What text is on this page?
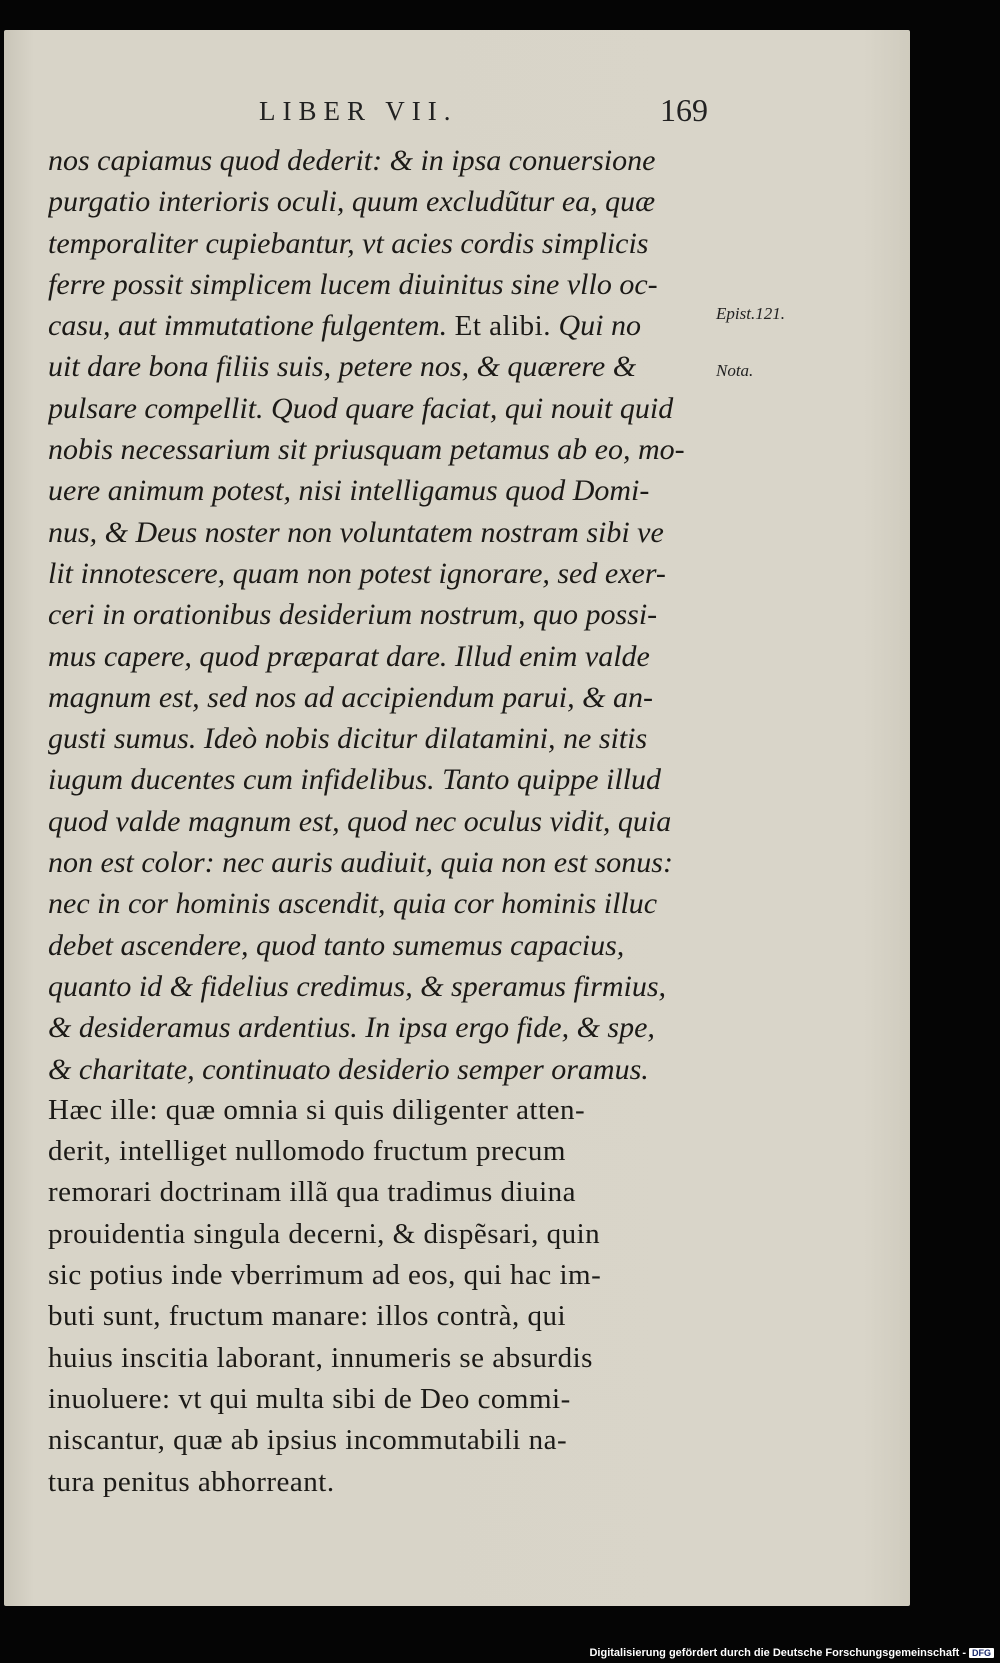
LIBER VII.	169
nos capiamus quod dederit: & in ipsa conuersione
purgatio interioris oculi, quum excludũtur ea, quæ
temporaliter cupiebantur, vt acies cordis simplicis
ferre possit simplicem lucem diuinitus sine vllo oc-
casu, aut immutatione fulgentem. Et alibi. Qui no
uit dare bona filiis suis, petere nos, & quærere &
pulsare compellit. Quod quare faciat, qui nouit quid
nobis necessarium sit priusquam petamus ab eo, mo-
uere animum potest, nisi intelligamus quod Domi-
nus, & Deus noster non voluntatem nostram sibi ve
lit innotescere, quam non potest ignorare, sed exer-
ceri in orationibus desiderium nostrum, quo possi-
mus capere, quod præparat dare. Illud enim valde
magnum est, sed nos ad accipiendum parui, & an-
gusti sumus. Ideò nobis dicitur dilatamini, ne sitis
iugum ducentes cum infidelibus. Tanto quippe illud
quod valde magnum est, quod nec oculus vidit, quia
non est color: nec auris audiuit, quia non est sonus:
nec in cor hominis ascendit, quia cor hominis illuc
debet ascendere, quod tanto sumemus capacius,
quanto id & fidelius credimus, & speramus firmius,
& desideramus ardentius. In ipsa ergo fide, & spe,
& charitate, continuato desiderio semper oramus.
Hæc ille: quæ omnia si quis diligenter atten-
derit, intelliget nullomodo fructum precum
remorari doctrinam illã qua tradimus diuina
prouidentia singula decerni, & dispẽsari, quin
sic potius inde vberrimum ad eos, qui hac im-
buti sunt, fructum manare: illos contrà, qui
huius inscitia laborant, innumeris se absurdis
inuoluere: vt qui multa sibi de Deo commi-
niscantur, quæ ab ipsius incommutabili na-
tura penitus abhorreant.
Epist.121.
Nota.
Digitalisierung gefördert durch die Deutsche Forschungsgemeinschaft - DFG
